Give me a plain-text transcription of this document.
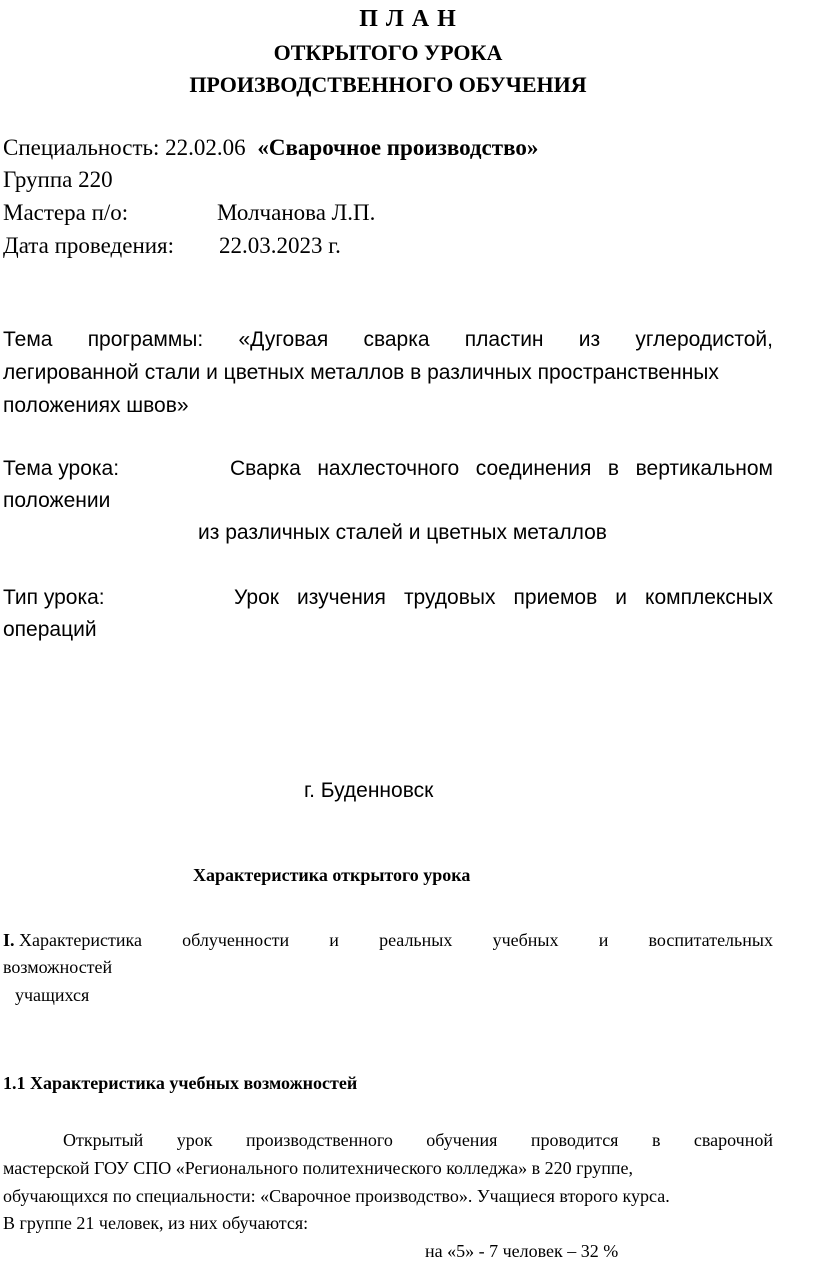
П Л А Н
ОТКРЫТОГО УРОКА
ПРОИЗВОДСТВЕННОГО ОБУЧЕНИЯ
Специальность: 22.02.06 «Сварочное производство»
Группа 220
Мастера п/о:	Молчанова Л.П.
Дата проведения: 22.03.2023 г.
Тема программы: «Дуговая сварка пластин из углеродистой,
легированной стали и цветных металлов в различных пространственных
положениях швов»
Тема урока:	Сварка нахлесточного соединения в вертикальном
положении
из различных сталей и цветных металлов
Тип урока:	Урок изучения трудовых приемов и комплексных
операций
г. Буденновск
Характеристика открытого урока
I. Характеристика облученности и реальных учебных и воспитательных
возможностей
учащихся
1.1 Характеристика учебных возможностей
Открытый урок производственного обучения проводится в сварочной
мастерской ГОУ СПО «Регионального политехнического колледжа» в 220 группе,
обучающихся по специальности: «Сварочное производство». Учащиеся второго курса.
В группе 21 человек, из них обучаются:
на «5» - 7 человек – 32 %
